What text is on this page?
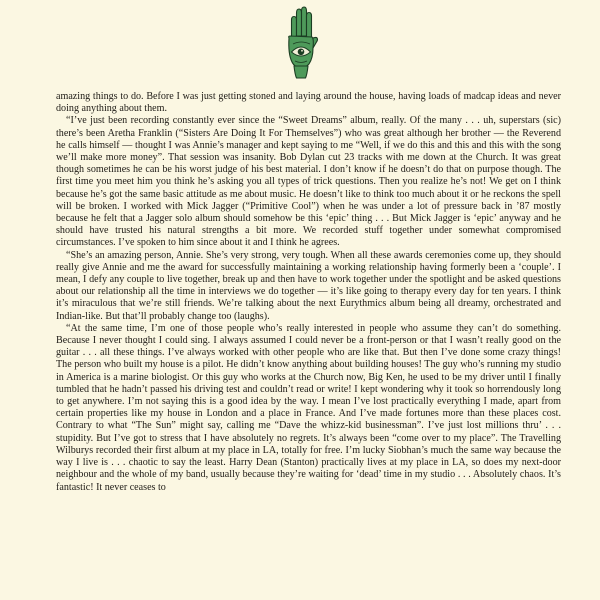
amazing things to do. Before I was just getting stoned and laying around the house, having loads of madcap ideas and never doing anything about them.

“I’ve just been recording constantly ever since the “Sweet Dreams” album, really. Of the many . . . uh, superstars (sic) there’s been Aretha Franklin (“Sisters Are Doing It For Themselves”) who was great although her brother — the Reverend he calls himself — thought I was Annie’s manager and kept saying to me “Well, if we do this and this and this with the song we’ll make more money”. That session was insanity. Bob Dylan cut 23 tracks with me down at the Church. It was great though sometimes he can be his worst judge of his best material. I don’t know if he doesn’t do that on purpose though. The first time you meet him you think he’s asking you all types of trick questions. Then you realize he’s not! We get on I think because he’s got the same basic attitude as me about music. He doesn’t like to think too much about it or he reckons the spell will be broken. I worked with Mick Jagger (“Primitive Cool”) when he was under a lot of pressure back in ’87 mostly because he felt that a Jagger solo album should somehow be this ‘epic’ thing . . . But Mick Jagger is ‘epic’ anyway and he should have trusted his natural strengths a bit more. We recorded stuff together under somewhat compromised circumstances. I’ve spoken to him since about it and I think he agrees.

“She’s an amazing person, Annie. She’s very strong, very tough. When all these awards ceremonies come up, they should really give Annie and me the award for successfully maintaining a working relationship having formerly been a ‘couple’. I mean, I defy any couple to live together, break up and then have to work together under the spotlight and be asked questions about our relationship all the time in interviews we do together — it’s like going to therapy every day for ten years. I think it’s miraculous that we’re still friends. We’re talking about the next Eurythmics album being all dreamy, orchestrated and Indian-like. But that’ll probably change too (laughs).

“At the same time, I’m one of those people who’s really interested in people who assume they can’t do something. Because I never thought I could sing. I always assumed I could never be a front-person or that I wasn’t really good on the guitar . . . all these things. I’ve always worked with other people who are like that. But then I’ve done some crazy things! The person who built my house is a pilot. He didn’t know anything about building houses! The guy who’s running my studio in America is a marine biologist. Or this guy who works at the Church now, Big Ken, he used to be my driver until I finally tumbled that he hadn’t passed his driving test and couldn’t read or write! I kept wondering why it took so horrendously long to get anywhere. I’m not saying this is a good idea by the way. I mean I’ve lost practically everything I made, apart from certain properties like my house in London and a place in France. And I’ve made fortunes more than these places cost. Contrary to what “The Sun” might say, calling me “Dave the whizz-kid businessman”. I’ve just lost millions thru’ . . . stupidity. But I’ve got to stress that I have absolutely no regrets. It’s always been “come over to my place”. The Travelling Wilburys recorded their first album at my place in LA, totally for free. I’m lucky Siobhan’s much the same way because the way I live is . . . chaotic to say the least. Harry Dean (Stanton) practically lives at my place in LA, so does my next-door neighbour and the whole of my band, usually because they’re waiting for ‘dead’ time in my studio . . . Absolutely chaos. It’s fantastic! It never ceases to
